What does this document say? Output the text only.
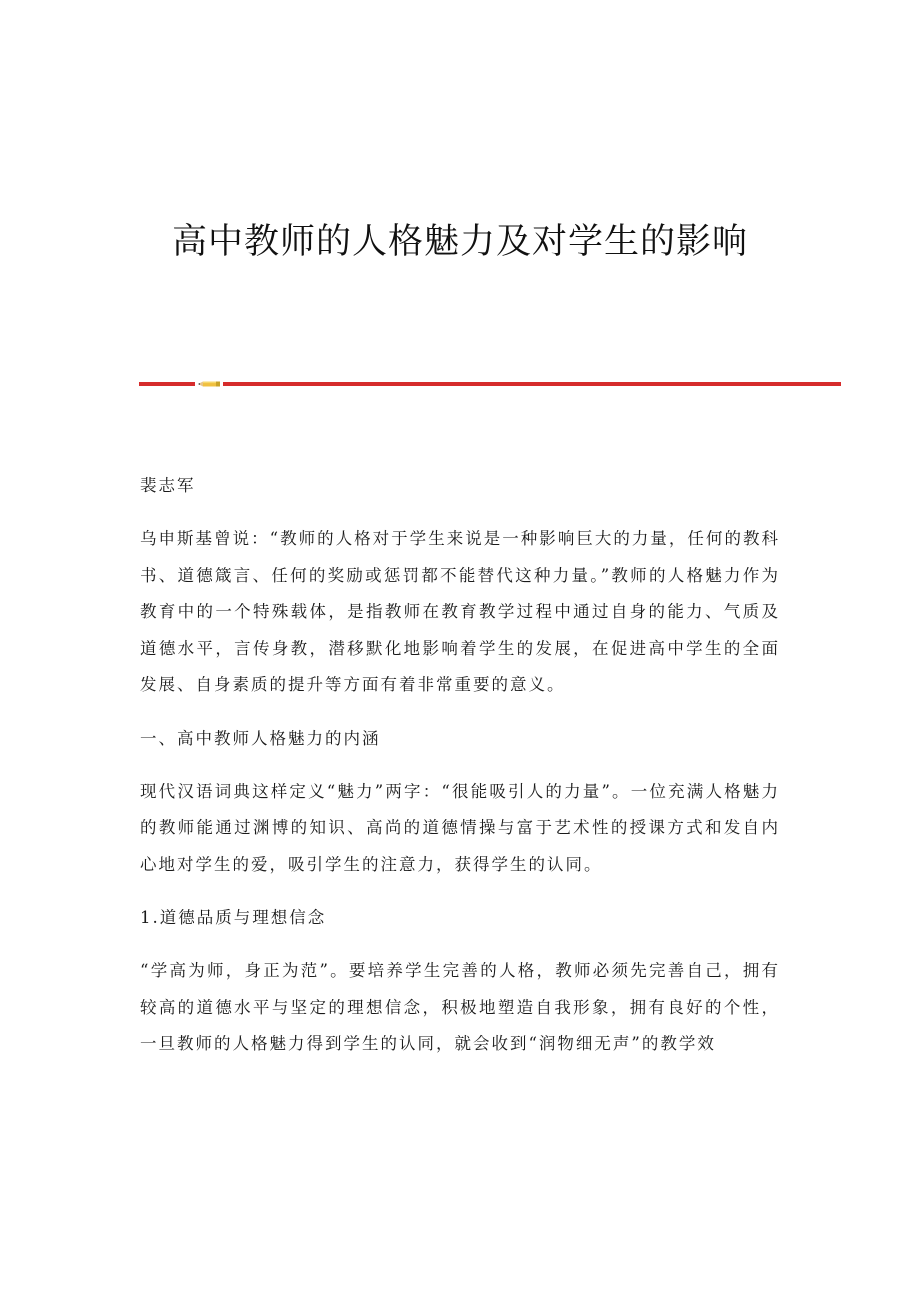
高中教师的人格魅力及对学生的影响

裴志军

乌申斯基曾说：“教师的人格对于学生来说是一种影响巨大的力量，任何的教科书、道德箴言、任何的奖励或惩罚都不能替代这种力量。”教师的人格魅力作为教育中的一个特殊载体，是指教师在教育教学过程中通过自身的能力、气质及道德水平，言传身教，潜移默化地影响着学生的发展，在促进高中学生的全面发展、自身素质的提升等方面有着非常重要的意义。

一、高中教师人格魅力的内涵

现代汉语词典这样定义“魅力”两字：“很能吸引人的力量”。一位充满人格魅力的教师能通过渊博的知识、高尚的道德情操与富于艺术性的授课方式和发自内心地对学生的爱，吸引学生的注意力，获得学生的认同。

1.道德品质与理想信念

“学高为师，身正为范”。要培养学生完善的人格，教师必须先完善自己，拥有较高的道德水平与坚定的理想信念，积极地塑造自我形象，拥有良好的个性，一旦教师的人格魅力得到学生的认同，就会收到“润物细无声”的教学效
